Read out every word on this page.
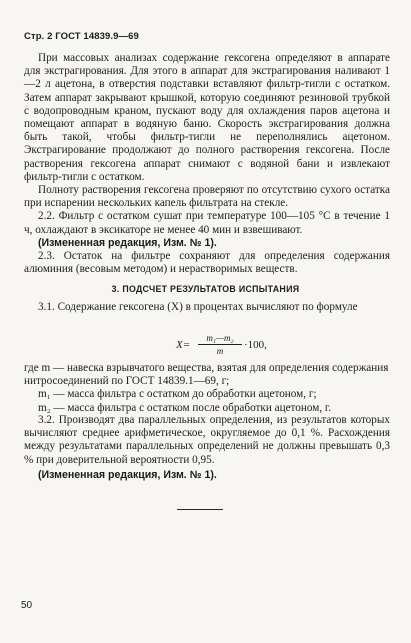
Стр. 2 ГОСТ 14839.9—69

При массовых анализах содержание гексогена определяют в аппарате для экстрагирования. Для этого в аппарат для экстрагирования наливают 1—2 л ацетона, в отверстия подставки вставляют фильтр-тигли с остатком. Затем аппарат закрывают крышкой, которую соединяют резиновой трубкой с водопроводным краном, пускают воду для охлаждения паров ацетона и помещают аппарат в водяную баню. Скорость экстрагирования должна быть такой, чтобы фильтр-тигли не переполнялись ацетоном. Экстрагирование продолжают до полного растворения гексогена. После растворения гексогена аппарат снимают с водяной бани и извлекают фильтр-тигли с остатком.

Полноту растворения гексогена проверяют по отсутствию сухого остатка при испарении нескольких капель фильтрата на стекле.

2.2. Фильтр с остатком сушат при температуре 100—105 °С в течение 1 ч, охлаждают в эксикаторе не менее 40 мин и взвешивают.

(Измененная редакция, Изм. № 1).

2.3. Остаток на фильтре сохраняют для определения содержания алюминия (весовым методом) и нерастворимых веществ.

3. ПОДСЧЕТ РЕЗУЛЬТАТОВ ИСПЫТАНИЯ

3.1. Содержание гексогена (X) в процентах вычисляют по формуле

$X= \frac{\text{m₁—m₂}}{m} \cdot 100$,
где m — навеска взрывчатого вещества, взятая для определения содержания нитросоединений по ГОСТ 14839.1—69, г;
m₁ — масса фильтра с остатком до обработки ацетоном, г;
m₂ — масса фильтра с остатком после обработки ацетоном, г.

3.2. Производят два параллельных определения, из результатов которых вычисляют среднее арифметическое, округляемое до 0,1 %. Расхождения между результатами параллельных определений не должны превышать 0,3 % при доверительной вероятности 0,95.

(Измененная редакция, Изм. № 1).
50
